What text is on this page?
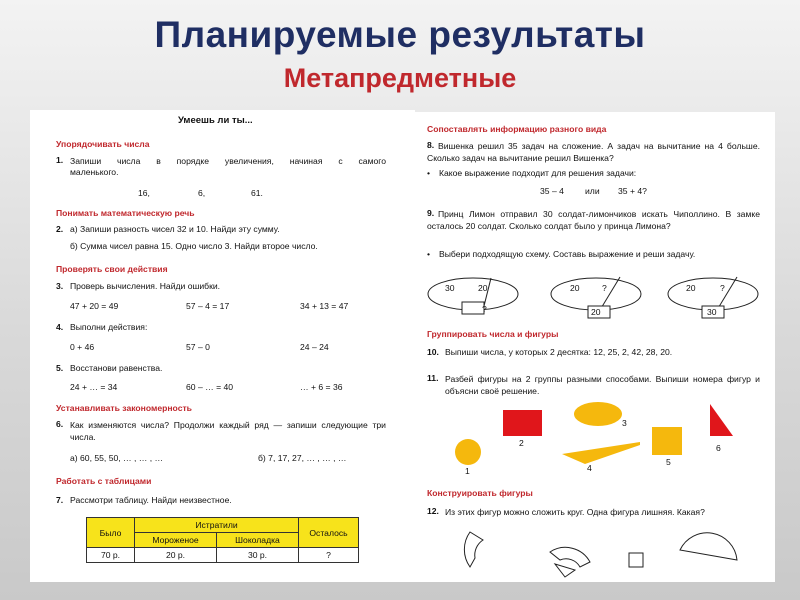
Планируемые результаты
Метапредметные
Умеешь ли ты...
Упорядочивать числа
1. Запиши числа в порядке увеличения, начиная с самого
маленького.
16,	6,	61.
Понимать математическую речь
2. а) Запиши разность чисел 32 и 10. Найди эту сумму.
б) Сумма чисел равна 15. Одно число 3. Найди второе число.
Проверять свои действия
3. Проверь вычисления. Найди ошибки.
47 + 20 = 49	57 – 4 = 17	34 + 13 = 47
4. Выполни действия:
0 + 46	57 – 0	24 – 24
5. Восстанови равенства.
24 + … = 34	60 – … = 40	… + 6 = 36
Устанавливать закономерность
6. Как изменяются числа? Продолжи каждый ряд — запиши следующие три числа.
а) 60, 55, 50, … , … , …	б) 7, 17, 27, … , … , …
Работать с таблицами
7. Рассмотри таблицу. Найди неизвестное.
Было	Истратили		Осталось
	Мороженое	Шоколадка	
70 р.	20 р.	30 р.	?
Сопоставлять информацию разного вида
8. Вишенка решил 35 задач на сложение. А задач на вычитание на 4 больше. Сколько задач на вычитание решил Вишенка?
• Какое выражение подходит для решения задачи:
35 – 4 или 35 + 4?
9. Принц Лимон отправил 30 солдат-лимончиков искать Чиполлино. В замке осталось 20 солдат. Сколько солдат было у принца Лимона?
• Выбери подходящую схему. Составь выражение и реши задачу.
30	20
?
20	?
20
20	?
30
Группировать числа и фигуры
10. Выпиши числа, у которых 2 десятка: 12, 25, 2, 42, 28, 20.
11. Разбей фигуры на 2 группы разными способами. Выпиши номера фигур и объясни своё решение.
1
2
3
4
5
6
Конструировать фигуры
12. Из этих фигур можно сложить круг. Одна фигура лишняя. Какая?
